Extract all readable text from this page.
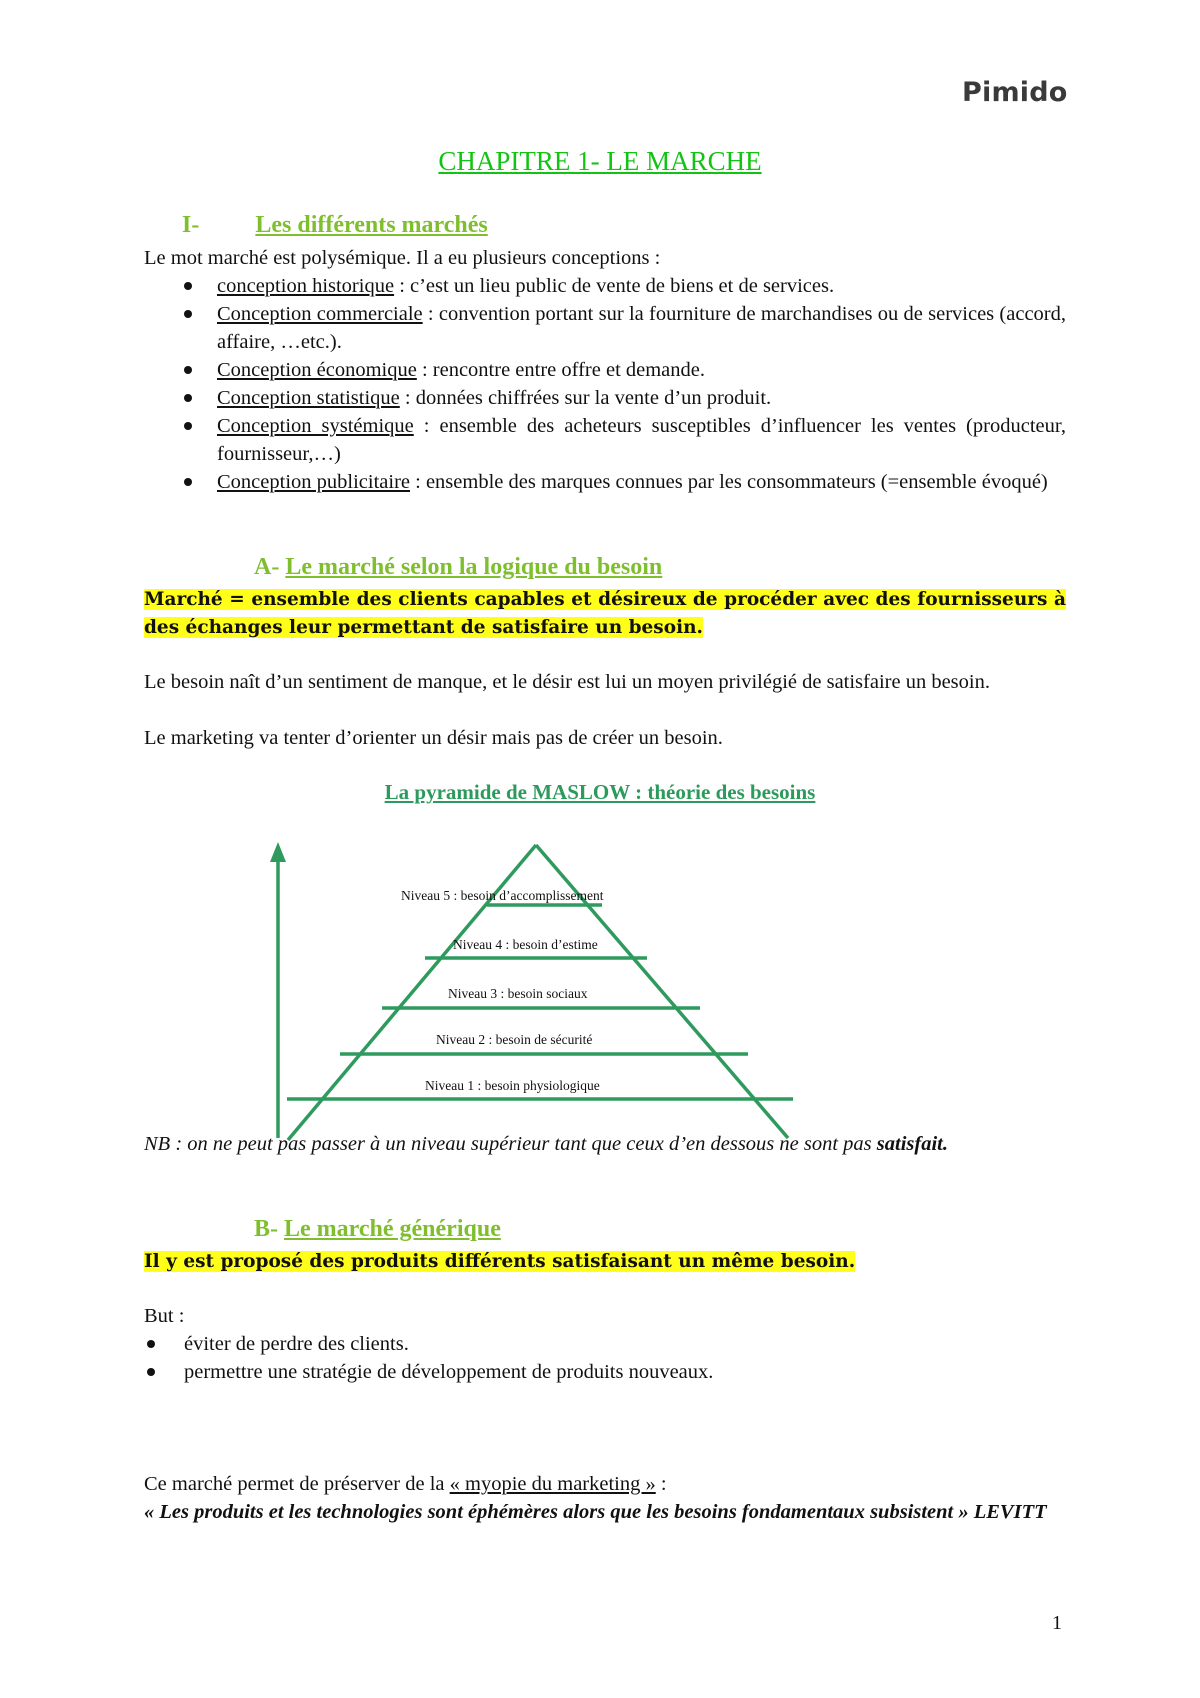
Pimido
CHAPITRE 1- LE MARCHE
I- Les différents marchés
Le mot marché est polysémique. Il a eu plusieurs conceptions :
conception historique : c’est un lieu public de vente de biens et de services.
Conception commerciale : convention portant sur la fourniture de marchandises ou de services (accord, affaire, …etc.).
Conception économique : rencontre entre offre et demande.
Conception statistique : données chiffrées sur la vente d’un produit.
Conception systémique : ensemble des acheteurs susceptibles d’influencer les ventes (producteur, fournisseur,…)
Conception publicitaire : ensemble des marques connues par les consommateurs (=ensemble évoqué)
A- Le marché selon la logique du besoin
Marché = ensemble des clients capables et désireux de procéder avec des fournisseurs à des échanges leur permettant de satisfaire un besoin.
Le besoin naît d’un sentiment de manque, et le désir est lui un moyen privilégié de satisfaire un besoin.
Le marketing va tenter d’orienter un désir mais pas de créer un besoin.
La pyramide de MASLOW : théorie des besoins
Niveau 5 : besoin d’accomplissement
Niveau 4 : besoin d’estime
Niveau 3 : besoin sociaux
Niveau 2 : besoin de sécurité
Niveau 1 : besoin physiologique
NB : on ne peut pas passer à un niveau supérieur tant que ceux d’en dessous ne sont pas satisfait.
B- Le marché générique
Il y est proposé des produits différents satisfaisant un même besoin.
But :
éviter de perdre des clients.
permettre une stratégie de développement de produits nouveaux.
Ce marché permet de préserver de la « myopie du marketing » :
« Les produits et les technologies sont éphémères alors que les besoins fondamentaux subsistent » LEVITT
1
